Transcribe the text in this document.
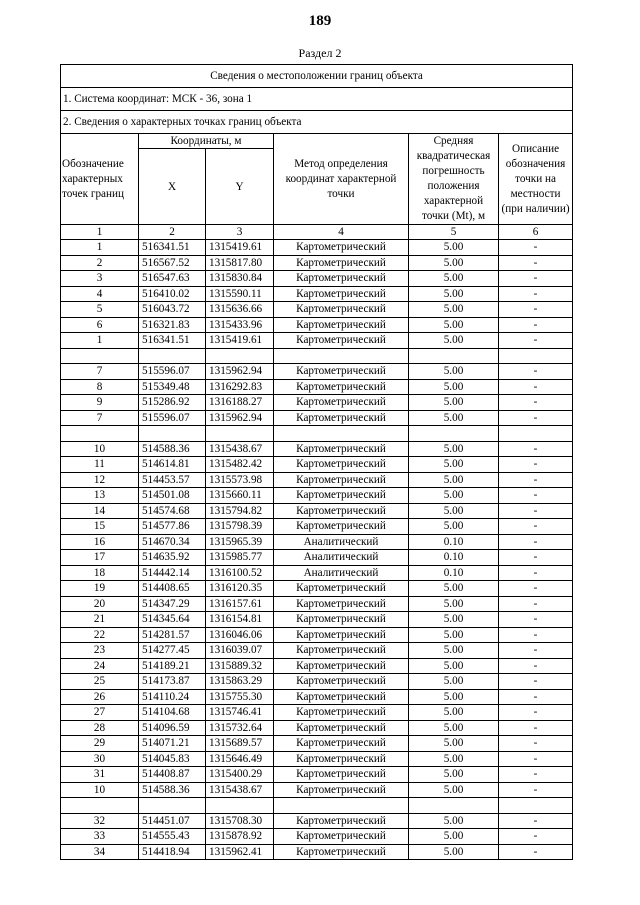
189
Раздел 2
Сведения о местоположении границ объекта					
1. Система координат: МСК - 36, зона 1					
2. Сведения о характерных точках границ объекта					
Обозначение характерных точек границ	Координаты, м		Метод определения координат характерной точки	Средняя квадратическая погрешность положения характерной точки (Mt), м	Описание обозначения точки на местности (при наличии)
	X	Y			
1	2	3	4	5	6
1	516341.51	1315419.61	Картометрический	5.00	-
2	516567.52	1315817.80	Картометрический	5.00	-
3	516547.63	1315830.84	Картометрический	5.00	-
4	516410.02	1315590.11	Картометрический	5.00	-
5	516043.72	1315636.66	Картометрический	5.00	-
6	516321.83	1315433.96	Картометрический	5.00	-
1	516341.51	1315419.61	Картометрический	5.00	-

7	515596.07	1315962.94	Картометрический	5.00	-
8	515349.48	1316292.83	Картометрический	5.00	-
9	515286.92	1316188.27	Картометрический	5.00	-
7	515596.07	1315962.94	Картометрический	5.00	-

10	514588.36	1315438.67	Картометрический	5.00	-
11	514614.81	1315482.42	Картометрический	5.00	-
12	514453.57	1315573.98	Картометрический	5.00	-
13	514501.08	1315660.11	Картометрический	5.00	-
14	514574.68	1315794.82	Картометрический	5.00	-
15	514577.86	1315798.39	Картометрический	5.00	-
16	514670.34	1315965.39	Аналитический	0.10	-
17	514635.92	1315985.77	Аналитический	0.10	-
18	514442.14	1316100.52	Аналитический	0.10	-
19	514408.65	1316120.35	Картометрический	5.00	-
20	514347.29	1316157.61	Картометрический	5.00	-
21	514345.64	1316154.81	Картометрический	5.00	-
22	514281.57	1316046.06	Картометрический	5.00	-
23	514277.45	1316039.07	Картометрический	5.00	-
24	514189.21	1315889.32	Картометрический	5.00	-
25	514173.87	1315863.29	Картометрический	5.00	-
26	514110.24	1315755.30	Картометрический	5.00	-
27	514104.68	1315746.41	Картометрический	5.00	-
28	514096.59	1315732.64	Картометрический	5.00	-
29	514071.21	1315689.57	Картометрический	5.00	-
30	514045.83	1315646.49	Картометрический	5.00	-
31	514408.87	1315400.29	Картометрический	5.00	-
10	514588.36	1315438.67	Картометрический	5.00	-

32	514451.07	1315708.30	Картометрический	5.00	-
33	514555.43	1315878.92	Картометрический	5.00	-
34	514418.94	1315962.41	Картометрический	5.00	-
